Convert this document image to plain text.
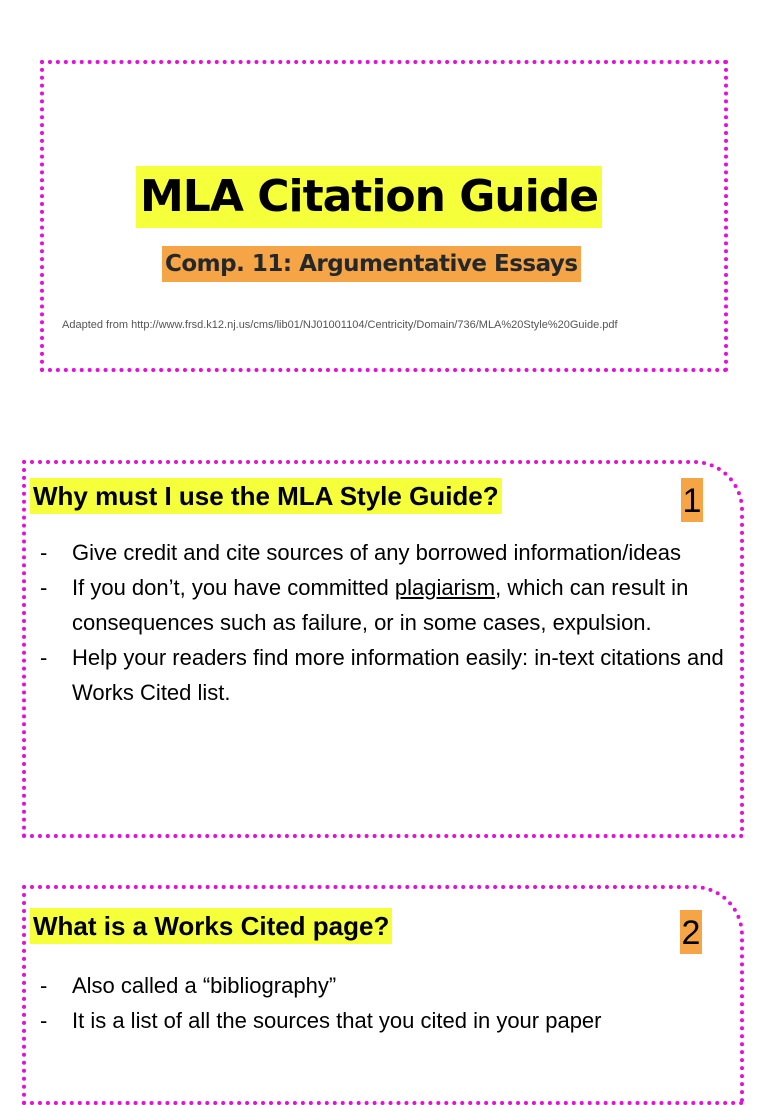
MLA Citation Guide
Comp. 11: Argumentative Essays
Adapted from http://www.frsd.k12.nj.us/cms/lib01/NJ01001104/Centricity/Domain/736/MLA%20Style%20Guide.pdf
Why must I use the MLA Style Guide?	1
- Give credit and cite sources of any borrowed information/ideas
- If you don’t, you have committed plagiarism, which can result in consequences such as failure, or in some cases, expulsion.
- Help your readers find more information easily: in-text citations and Works Cited list.
What is a Works Cited page?	2
- Also called a “bibliography”
- It is a list of all the sources that you cited in your paper
